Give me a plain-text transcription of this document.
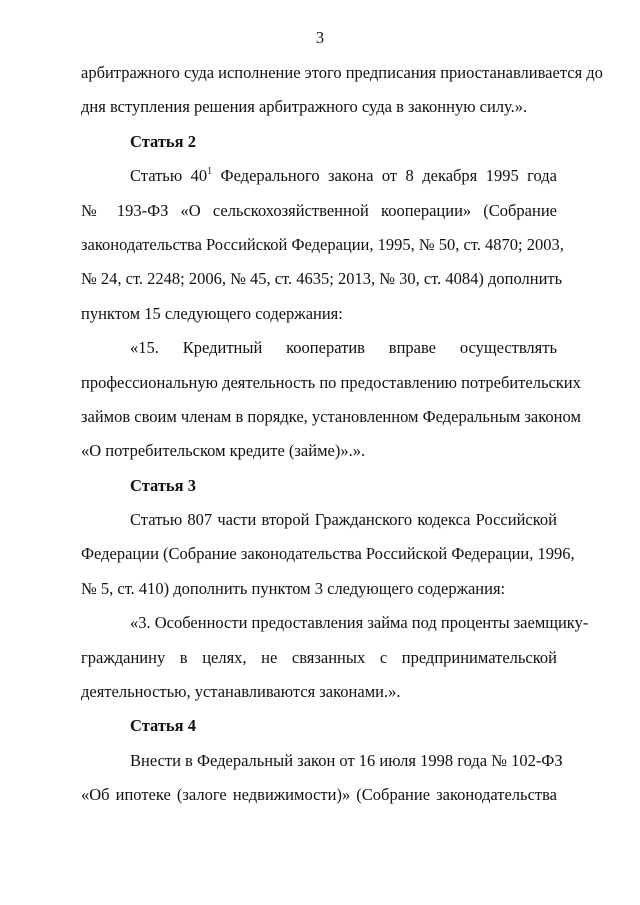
3
арбитражного суда исполнение этого предписания приостанавливается до
дня вступления решения арбитражного суда в законную силу.».
Статья 2
Статью $40^1$ Федерального закона от 8 декабря 1995 года
№ 193-ФЗ «О сельскохозяйственной кооперации» (Собрание
законодательства Российской Федерации, 1995, № 50, ст. 4870; 2003,
№ 24, ст. 2248; 2006, № 45, ст. 4635; 2013, № 30, ст. 4084) дополнить
пунктом 15 следующего содержания:
«15. Кредитный кооператив вправе осуществлять
профессиональную деятельность по предоставлению потребительских
займов своим членам в порядке, установленном Федеральным законом
«О потребительском кредите (займе)».».
Статья 3
Статью 807 части второй Гражданского кодекса Российской
Федерации (Собрание законодательства Российской Федерации, 1996,
№ 5, ст. 410) дополнить пунктом 3 следующего содержания:
«3. Особенности предоставления займа под проценты заемщику-
гражданину в целях, не связанных с предпринимательской
деятельностью, устанавливаются законами.».
Статья 4
Внести в Федеральный закон от 16 июля 1998 года № 102-ФЗ
«Об ипотеке (залоге недвижимости)» (Собрание законодательства
